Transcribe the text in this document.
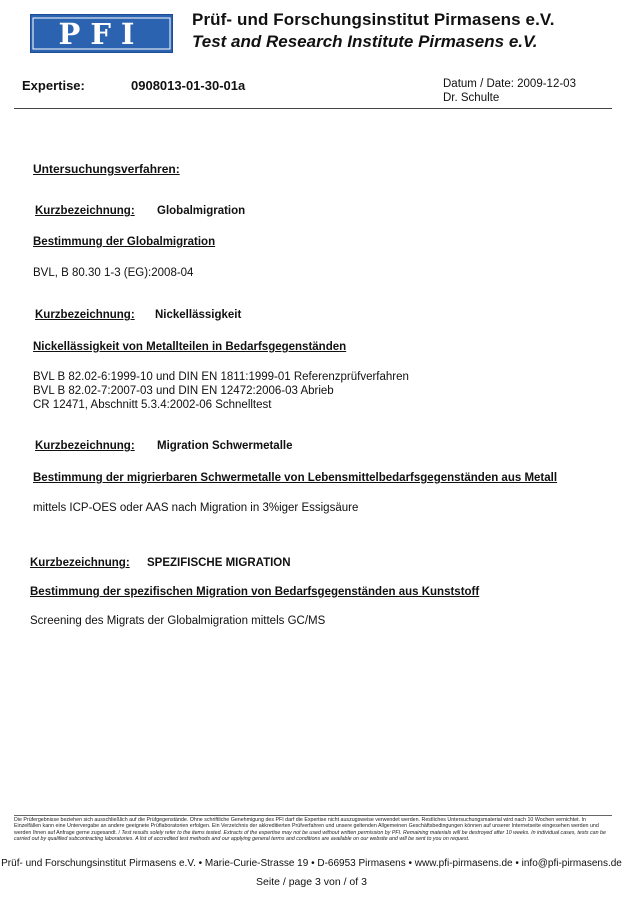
PFI	Prüf- und Forschungsinstitut Pirmasens e.V.
Test and Research Institute Pirmasens e.V.
Expertise:	0908013-01-30-01a	Datum / Date: 2009-12-03
Dr. Schulte
Untersuchungsverfahren:
Kurzbezeichnung: Globalmigration
Bestimmung der Globalmigration
BVL, B 80.30 1-3 (EG):2008-04
Kurzbezeichnung: Nickellässigkeit
Nickellässigkeit von Metallteilen in Bedarfsgegenständen
BVL B 82.02-6:1999-10 und DIN EN 1811:1999-01 Referenzprüfverfahren
BVL B 82.02-7:2007-03 und DIN EN 12472:2006-03 Abrieb
CR 12471, Abschnitt 5.3.4:2002-06 Schnelltest
Kurzbezeichnung: Migration Schwermetalle
Bestimmung der migrierbaren Schwermetalle von Lebensmittelbedarfsgegenständen aus Metall
mittels ICP-OES oder AAS nach Migration in 3%iger Essigsäure
Kurzbezeichnung: SPEZIFISCHE MIGRATION
Bestimmung der spezifischen Migration von Bedarfsgegenständen aus Kunststoff
Screening des Migrats der Globalmigration mittels GC/MS
Die Prüfergebnisse beziehen sich ausschließlich auf die Prüfgegenstände. Ohne schriftliche Genehmigung des PFI darf die Expertise nicht auszugsweise verwendet werden. Restliches Untersuchungsmaterial wird nach 10 Wochen vernichtet. In Einzelfällen kann eine Untervergabe an andere geeignete Prüflaboratorien erfolgen. Ein Verzeichnis der akkreditierten Prüfverfahren und unsere geltenden Allgemeinen Geschäftsbedingungen können auf unserer Internetseite eingesehen werden und werden Ihnen auf Anfrage gerne zugesandt. / Test results solely refer to the items tested. Extracts of the expertise may not be used without written permission by PFI. Remaining materials will be destroyed after 10 weeks. In individual cases, tests can be carried out by qualified subcontracting laboratories. A list of accredited test methods and our applying general terms and conditions are available on our website and will be sent to you on request.
Prüf- und Forschungsinstitut Pirmasens e.V. • Marie-Curie-Strasse 19 • D-66953 Pirmasens • www.pfi-pirmasens.de • info@pfi-pirmasens.de
Seite / page 3 von / of 3
